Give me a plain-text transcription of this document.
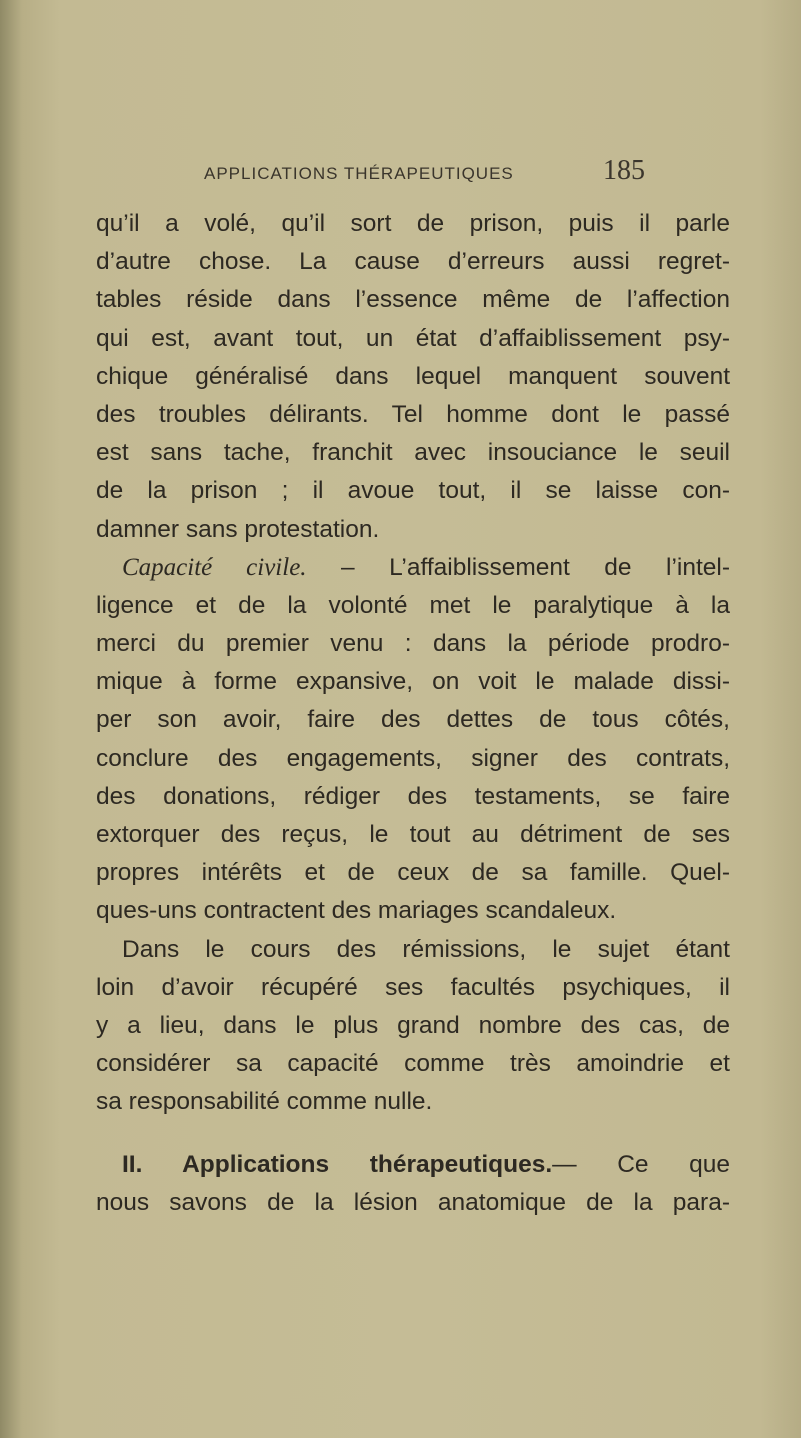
APPLICATIONS THÉRAPEUTIQUES	185
qu’il a volé, qu’il sort de prison, puis il parle
d’autre chose. La cause d’erreurs aussi regret-
tables réside dans l’essence même de l’affection
qui est, avant tout, un état d’affaiblissement psy-
chique généralisé dans lequel manquent souvent
des troubles délirants. Tel homme dont le passé
est sans tache, franchit avec insouciance le seuil
de la prison ; il avoue tout, il se laisse con-
damner sans protestation.
Capacité civile. – L’affaiblissement de l’intel-
ligence et de la volonté met le paralytique à la
merci du premier venu : dans la période prodro-
mique à forme expansive, on voit le malade dissi-
per son avoir, faire des dettes de tous côtés,
conclure des engagements, signer des contrats,
des donations, rédiger des testaments, se faire
extorquer des reçus, le tout au détriment de ses
propres intérêts et de ceux de sa famille. Quel-
ques-uns contractent des mariages scandaleux.
Dans le cours des rémissions, le sujet étant
loin d’avoir récupéré ses facultés psychiques, il
y a lieu, dans le plus grand nombre des cas, de
considérer sa capacité comme très amoindrie et
sa responsabilité comme nulle.
II. Applications thérapeutiques.— Ce que
nous savons de la lésion anatomique de la para-
